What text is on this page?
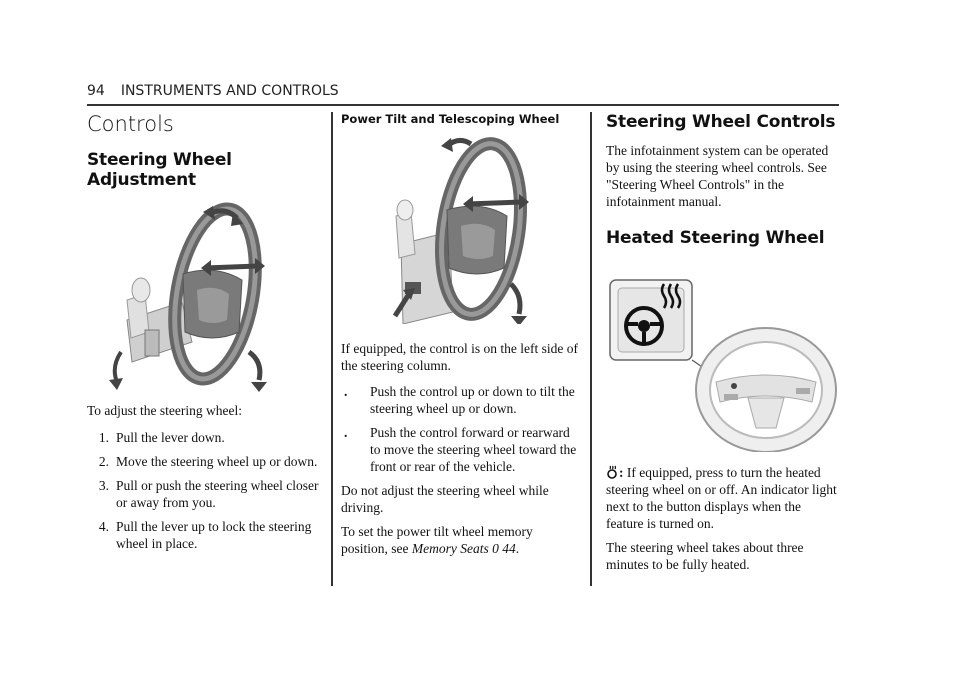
94 INSTRUMENTS AND CONTROLS
Controls
Steering Wheel Adjustment

To adjust the steering wheel:

1. Pull the lever down.
2. Move the steering wheel up or down.
3. Pull or push the steering wheel closer or away from you.
4. Pull the lever up to lock the steering wheel in place.
Power Tilt and Telescoping Wheel

If equipped, the control is on the left side of the steering column.

. Push the control up or down to tilt the steering wheel up or down.
. Push the control forward or rearward to move the steering wheel toward the front or rear of the vehicle.

Do not adjust the steering wheel while driving.

To set the power tilt wheel memory position, see Memory Seats 0 44.

Steering Wheel Controls

The infotainment system can be operated by using the steering wheel controls. See "Steering Wheel Controls" in the infotainment manual.

Heated Steering Wheel

: If equipped, press to turn the heated steering wheel on or off. An indicator light next to the button displays when the feature is turned on.

The steering wheel takes about three minutes to be fully heated.
